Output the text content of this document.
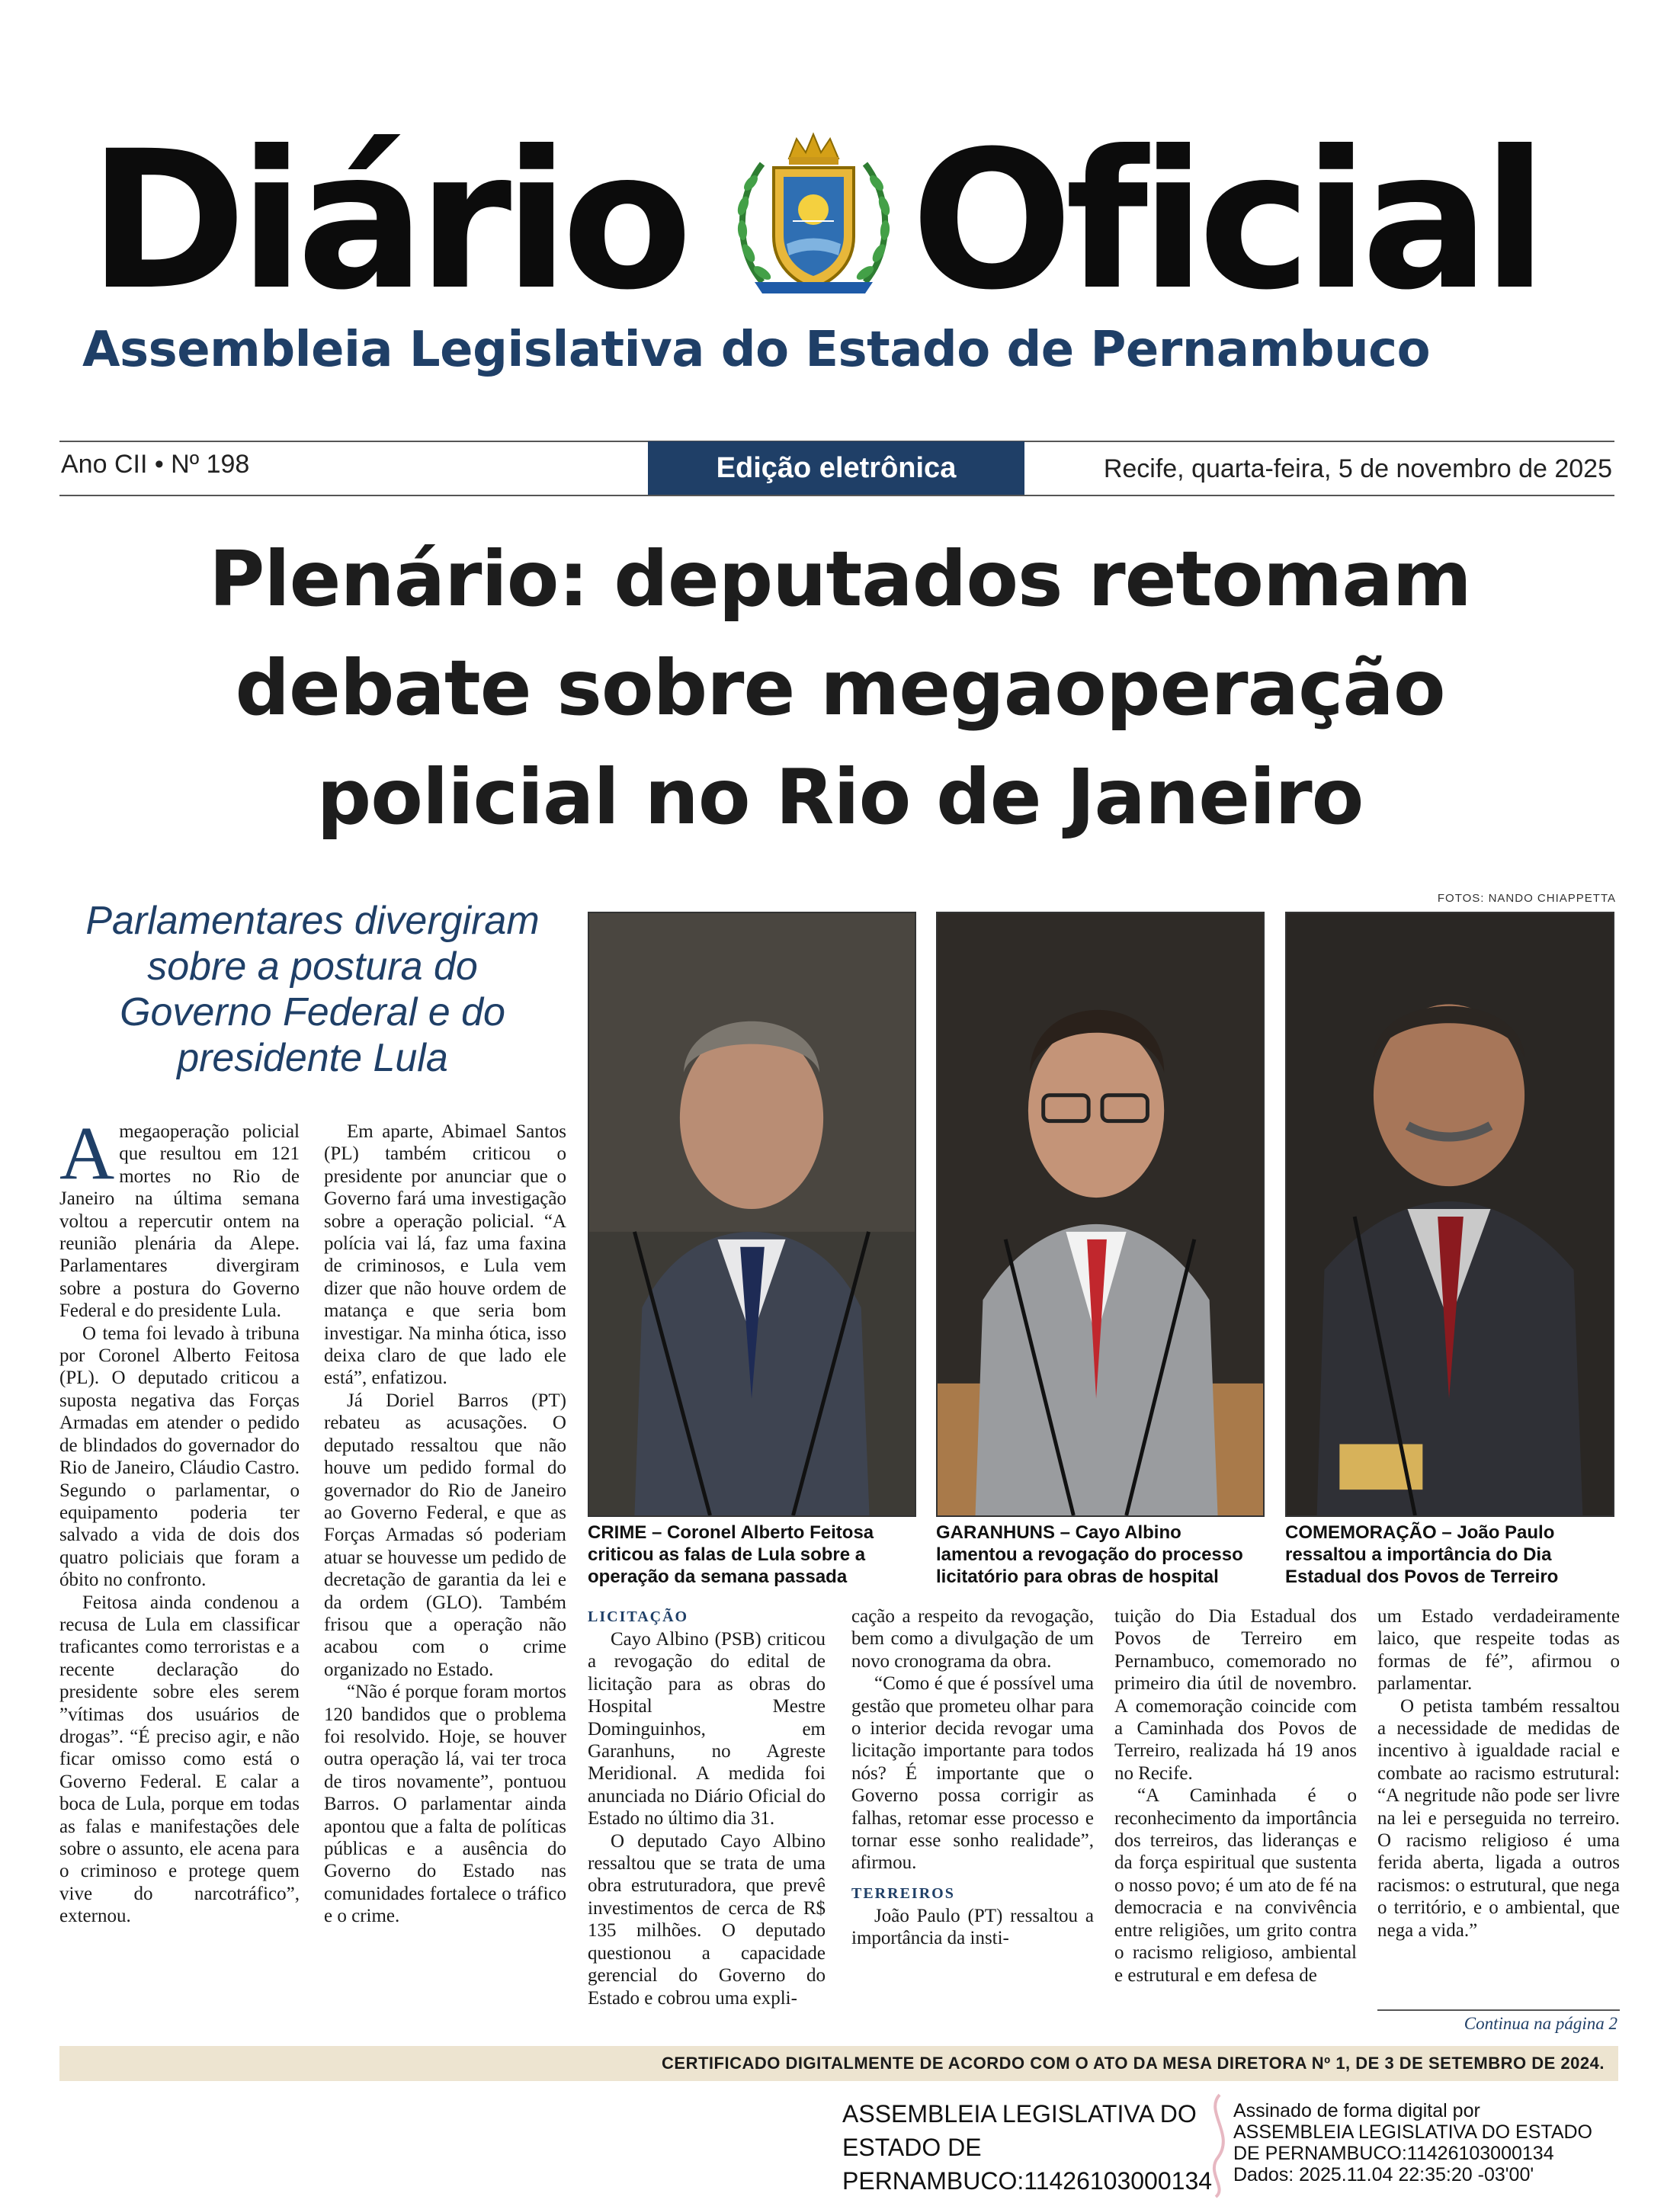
Diário Oficial
Assembleia Legislativa do Estado de Pernambuco
Ano CII • Nº 198	Edição eletrônica	Recife, quarta-feira, 5 de novembro de 2025
Plenário: deputados retomam
debate sobre megaoperação
policial no Rio de Janeiro
Parlamentares divergiram
sobre a postura do
Governo Federal e do
presidente Lula
FOTOS: NANDO CHIAPPETTA
CRIME – Coronel Alberto Feitosa criticou as falas de Lula sobre a operação da semana passada
GARANHUNS – Cayo Albino lamentou a revogação do processo licitatório para obras de hospital
COMEMORAÇÃO – João Paulo ressaltou a importância do Dia Estadual dos Povos de Terreiro

Amegaoperação policial que resultou em 121 mortes no Rio de Janeiro na última semana voltou a repercutir ontem na reunião plenária da Alepe. Parlamentares divergiram sobre a postura do Governo Federal e do presidente Lula.

O tema foi levado à tribuna por Coronel Alberto Feitosa (PL). O deputado criticou a suposta negativa das Forças Armadas em atender o pedido de blindados do governador do Rio de Janeiro, Cláudio Castro. Segundo o parlamentar, o equipamento poderia ter salvado a vida de dois dos quatro policiais que foram a óbito no confronto.

Feitosa ainda condenou a recusa de Lula em classificar traficantes como terroristas e a recente declaração do presidente sobre eles serem ”vítimas dos usuários de drogas”. “É preciso agir, e não ficar omisso como está o Governo Federal. E calar a boca de Lula, porque em todas as falas e manifestações dele sobre o assunto, ele acena para o criminoso e protege quem vive do narcotráfico”, externou.

Em aparte, Abimael Santos (PL) também criticou o presidente por anunciar que o Governo fará uma investigação sobre a operação policial. “A polícia vai lá, faz uma faxina de criminosos, e Lula vem dizer que não houve ordem de matança e que seria bom investigar. Na minha ótica, isso deixa claro de que lado ele está”, enfatizou.

Já Doriel Barros (PT) rebateu as acusações. O deputado ressaltou que não houve um pedido formal do governador do Rio de Janeiro ao Governo Federal, e que as Forças Armadas só poderiam atuar se houvesse um pedido de decretação de garantia da lei e da ordem (GLO). Também frisou que a operação não acabou com o crime organizado no Estado.

“Não é porque foram mortos 120 bandidos que o problema foi resolvido. Hoje, se houver outra operação lá, vai ter troca de tiros novamente”, pontuou Barros. O parlamentar ainda apontou que a falta de políticas públicas e a ausência do Governo do Estado nas comunidades fortalece o tráfico e o crime.

LICITAÇÃO

Cayo Albino (PSB) criticou a revogação do edital de licitação para as obras do Hospital Mestre Dominguinhos, em Garanhuns, no Agreste Meridional. A medida foi anunciada no Diário Oficial do Estado no último dia 31.

O deputado Cayo Albino ressaltou que se trata de uma obra estruturadora, que prevê investimentos de cerca de R$ 135 milhões. O deputado questionou a capacidade gerencial do Governo do Estado e cobrou uma expli-

cação a respeito da revogação, bem como a divulgação de um novo cronograma da obra.

“Como é que é possível uma gestão que prometeu olhar para o interior decida revogar uma licitação importante para todos nós? É importante que o Governo possa corrigir as falhas, retomar esse processo e tornar esse sonho realidade”, afirmou.

TERREIROS

João Paulo (PT) ressaltou a importância da insti-

tuição do Dia Estadual dos Povos de Terreiro em Pernambuco, comemorado no primeiro dia útil de novembro. A comemoração coincide com a Caminhada dos Povos de Terreiro, realizada há 19 anos no Recife.

“A Caminhada é o reconhecimento da importância dos terreiros, das lideranças e da força espiritual que sustenta o nosso povo; é um ato de fé na democracia e na convivência entre religiões, um grito contra o racismo religioso, ambiental e estrutural e em defesa de

um Estado verdadeiramente laico, que respeite todas as formas de fé”, afirmou o parlamentar.

O petista também ressaltou a necessidade de medidas de incentivo à igualdade racial e combate ao racismo estrutural: “A negritude não pode ser livre na lei e perseguida no terreiro. O racismo religioso é uma ferida aberta, ligada a outros racismos: o estrutural, que nega o território, e o ambiental, que nega a vida.”

Continua na página 2
CERTIFICADO DIGITALMENTE DE ACORDO COM O ATO DA MESA DIRETORA Nº 1, DE 3 DE SETEMBRO DE 2024.
ASSEMBLEIA LEGISLATIVA DO
ESTADO DE
PERNAMBUCO:11426103000134
Assinado de forma digital por
ASSEMBLEIA LEGISLATIVA DO ESTADO
DE PERNAMBUCO:11426103000134
Dados: 2025.11.04 22:35:20 -03'00'
